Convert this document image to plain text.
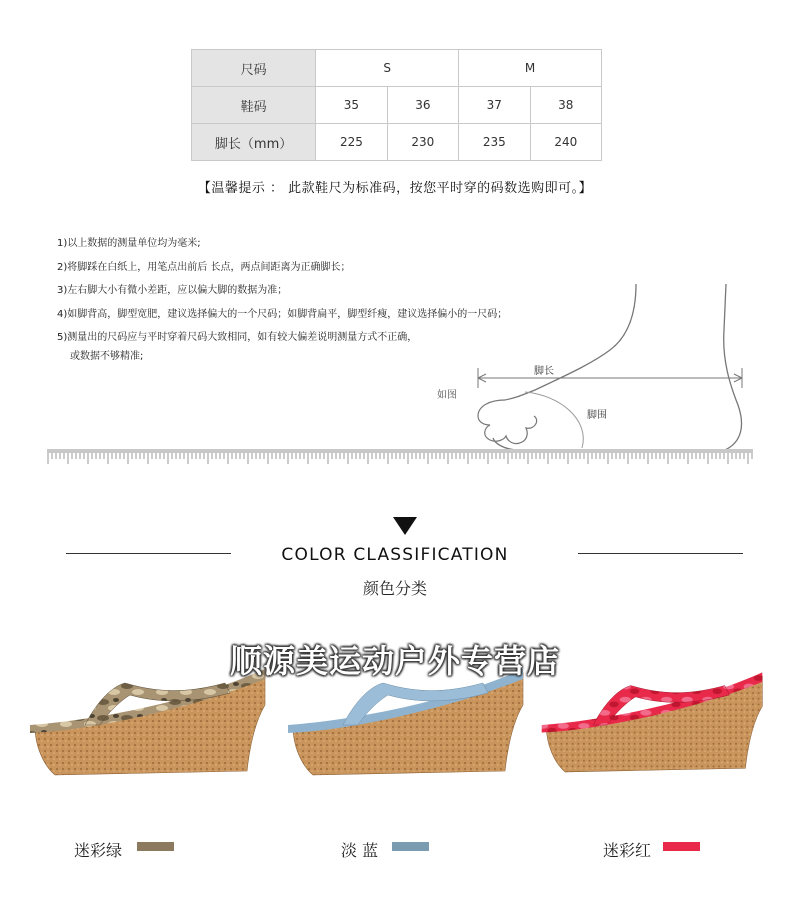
尺码	S		M	
鞋码	35	36	37	38
脚长（mm）	225	230	235	240
【温馨提示 ： 此款鞋尺为标准码，按您平时穿的码数选购即可。】
1)以上数据的测量单位均为毫米;
2)将脚踩在白纸上，用笔点出前后 长点，两点间距离为正确脚长；
3)左右脚大小有微小差距，应以偏大脚的数据为准；
4)如脚背高，脚型宽肥，建议选择偏大的一个尺码；如脚背扁平，脚型纤瘦，建议选择偏小的一尺码；
5)测量出的尺码应与平时穿着尺码大致相同，如有较大偏差说明测量方式不正确，
或数据不够精准;
脚长
脚围
如图
COLOR CLASSIFICATION
颜色分类
顺源美运动户外专营店
迷彩绿	淡 蓝	迷彩红
